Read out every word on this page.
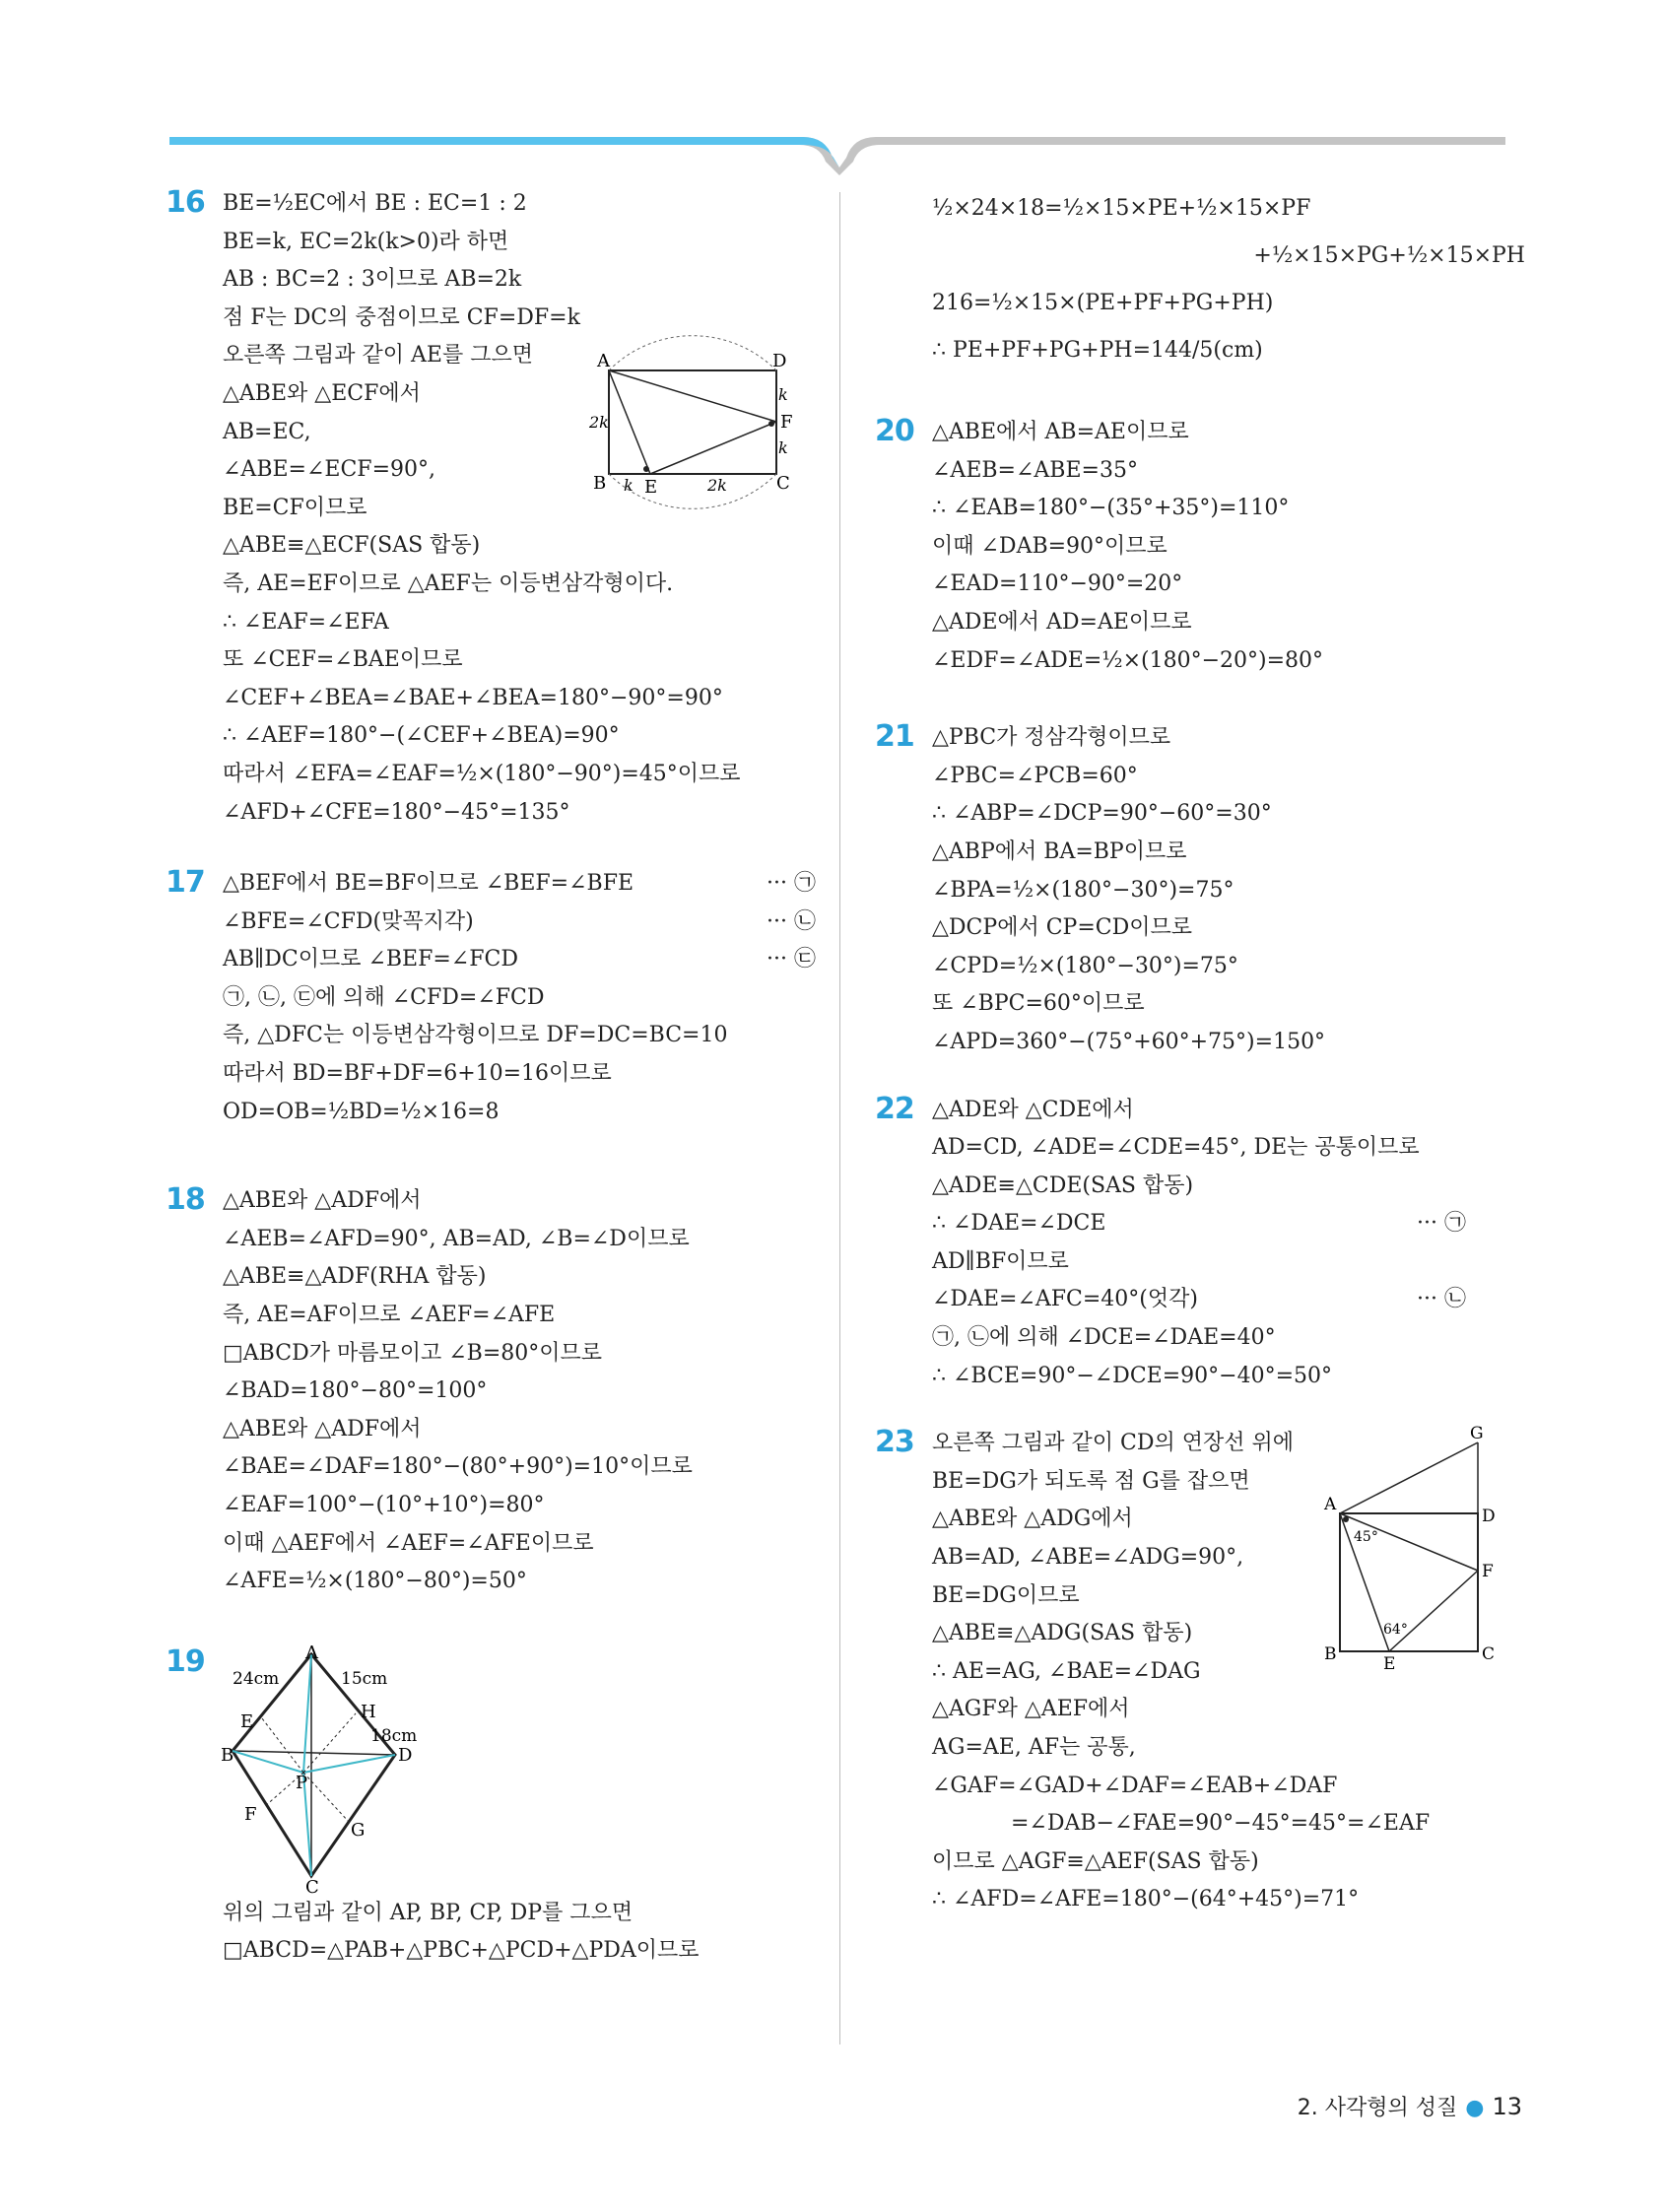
16 BE=½EC에서 BE : EC=1 : 2
BE=k, EC=2k(k>0)라 하면
AB : BC=2 : 3이므로 AB=2k
점 F는 DC의 중점이므로 CF=DF=k
오른쪽 그림과 같이 AE를 그으면
△ABE와 △ECF에서
AB=EC,
∠ABE=∠ECF=90°,
BE=CF이므로
△ABE≡△ECF(SAS 합동)
즉, AE=EF이므로 △AEF는 이등변삼각형이다.
∴ ∠EAF=∠EFA
또 ∠CEF=∠BAE이므로
∠CEF+∠BEA=∠BAE+∠BEA=180°−90°=90°
∴ ∠AEF=180°−(∠CEF+∠BEA)=90°
따라서 ∠EFA=∠EAF=½×(180°−90°)=45°이므로
∠AFD+∠CFE=180°−45°=135°
A	D
B	C
E
F
k
k
2k
k	2k
17 △BEF에서 BE=BF이므로 ∠BEF=∠BFE	··· ㉠
∠BFE=∠CFD(맞꼭지각)	··· ㉡
AB∥DC이므로 ∠BEF=∠FCD	··· ㉢
㉠, ㉡, ㉢에 의해 ∠CFD=∠FCD
즉, △DFC는 이등변삼각형이므로 DF=DC=BC=10
따라서 BD=BF+DF=6+10=16이므로
OD=OB=½BD=½×16=8
18 △ABE와 △ADF에서
∠AEB=∠AFD=90°, AB=AD, ∠B=∠D이므로
△ABE≡△ADF(RHA 합동)
즉, AE=AF이므로 ∠AEF=∠AFE
□ABCD가 마름모이고 ∠B=80°이므로
∠BAD=180°−80°=100°
△ABE와 △ADF에서
∠BAE=∠DAF=180°−(80°+90°)=10°이므로
∠EAF=100°−(10°+10°)=80°
이때 △AEF에서 ∠AEF=∠AFE이므로
∠AFE=½×(180°−80°)=50°
19	A
B
C
D
E
F
G
H
P
24cm	15cm
18cm
위의 그림과 같이 AP, BP, CP, DP를 그으면
□ABCD=△PAB+△PBC+△PCD+△PDA이므로
½×24×18=½×15×PE+½×15×PF
+½×15×PG+½×15×PH
216=½×15×(PE+PF+PG+PH)
∴ PE+PF+PG+PH=144/5(cm)
20 △ABE에서 AB=AE이므로
∠AEB=∠ABE=35°
∴ ∠EAB=180°−(35°+35°)=110°
이때 ∠DAB=90°이므로
∠EAD=110°−90°=20°
△ADE에서 AD=AE이므로
∠EDF=∠ADE=½×(180°−20°)=80°
21 △PBC가 정삼각형이므로
∠PBC=∠PCB=60°
∴ ∠ABP=∠DCP=90°−60°=30°
△ABP에서 BA=BP이므로
∠BPA=½×(180°−30°)=75°
△DCP에서 CP=CD이므로
∠CPD=½×(180°−30°)=75°
또 ∠BPC=60°이므로
∠APD=360°−(75°+60°+75°)=150°
22 △ADE와 △CDE에서
AD=CD, ∠ADE=∠CDE=45°, DE는 공통이므로
△ADE≡△CDE(SAS 합동)
∴ ∠DAE=∠DCE	··· ㉠
AD∥BF이므로
∠DAE=∠AFC=40°(엇각)	··· ㉡
㉠, ㉡에 의해 ∠DCE=∠DAE=40°
∴ ∠BCE=90°−∠DCE=90°−40°=50°
23 오른쪽 그림과 같이 CD의 연장선 위에
BE=DG가 되도록 점 G를 잡으면
△ABE와 △ADG에서
AB=AD, ∠ABE=∠ADG=90°,
BE=DG이므로
△ABE≡△ADG(SAS 합동)
∴ AE=AG, ∠BAE=∠DAG
△AGF와 △AEF에서
AG=AE, AF는 공통,
∠GAF=∠GAD+∠DAF=∠EAB+∠DAF
=∠DAB−∠FAE=90°−45°=45°=∠EAF
이므로 △AGF≡△AEF(SAS 합동)
∴ ∠AFD=∠AFE=180°−(64°+45°)=71°
G
A
D
F
B	C
E
45°
64°
2. 사각형의 성질 ● 13
